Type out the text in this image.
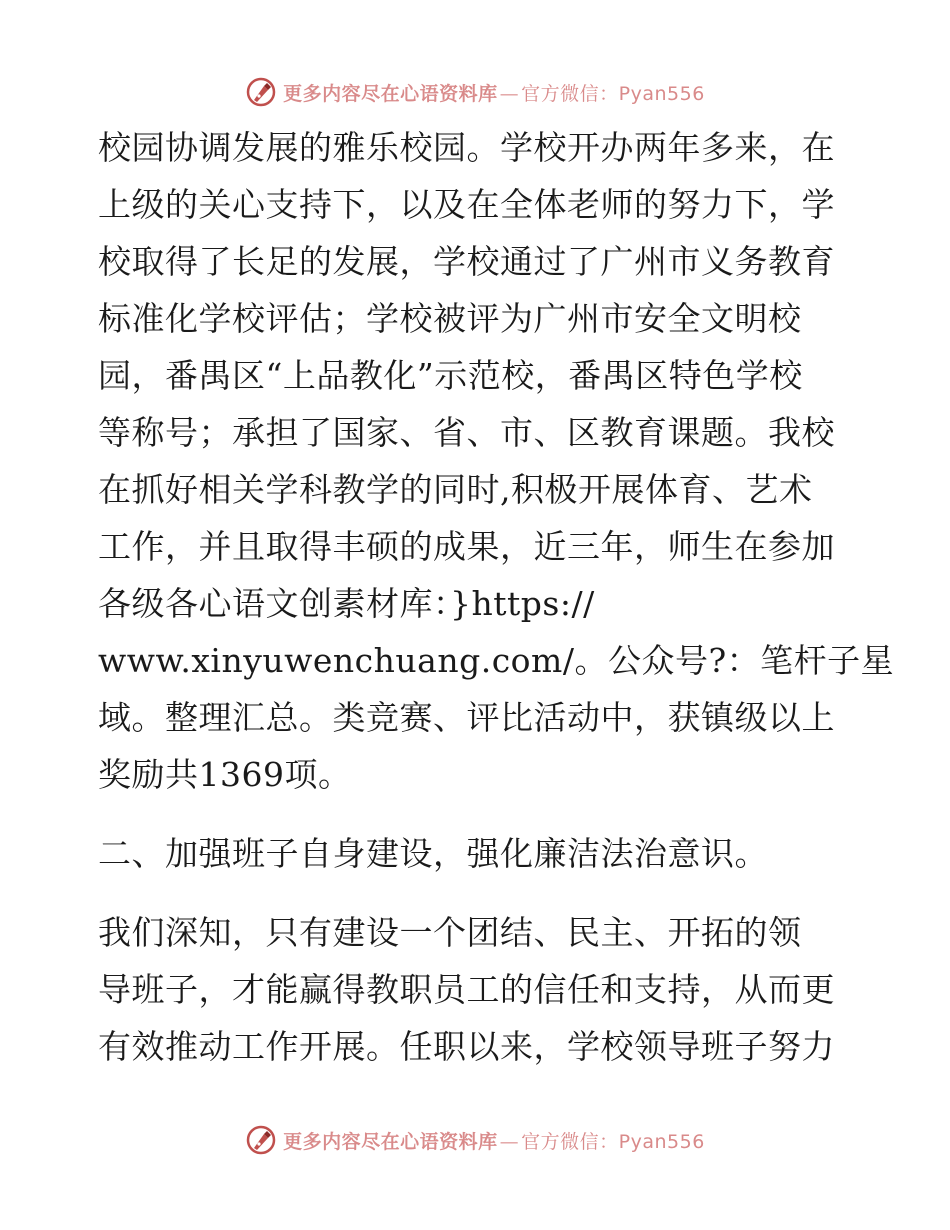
更多内容尽在心语资料库 — 官方微信：Pyan556
校园协调发展的雅乐校园。学校开办两年多来，在
上级的关心支持下，以及在全体老师的努力下，学
校取得了长足的发展，学校通过了广州市义务教育
标准化学校评估；学校被评为广州市安全文明校
园，番禺区“上品教化”示范校，番禺区特色学校
等称号；承担了国家、省、市、区教育课题。我校
在抓好相关学科教学的同时,积极开展体育、艺术
工作，并且取得丰硕的成果，近三年，师生在参加
各级各心语文创素材库：}https://
www.xinyuwenchuang.com/。公众号?：笔杆子星
域。整理汇总。类竞赛、评比活动中，获镇级以上
奖励共1369项。
二、加强班子自身建设，强化廉洁法治意识。
我们深知，只有建设一个团结、民主、开拓的领
导班子，才能赢得教职员工的信任和支持，从而更
有效推动工作开展。任职以来，学校领导班子努力
更多内容尽在心语资料库 — 官方微信：Pyan556
